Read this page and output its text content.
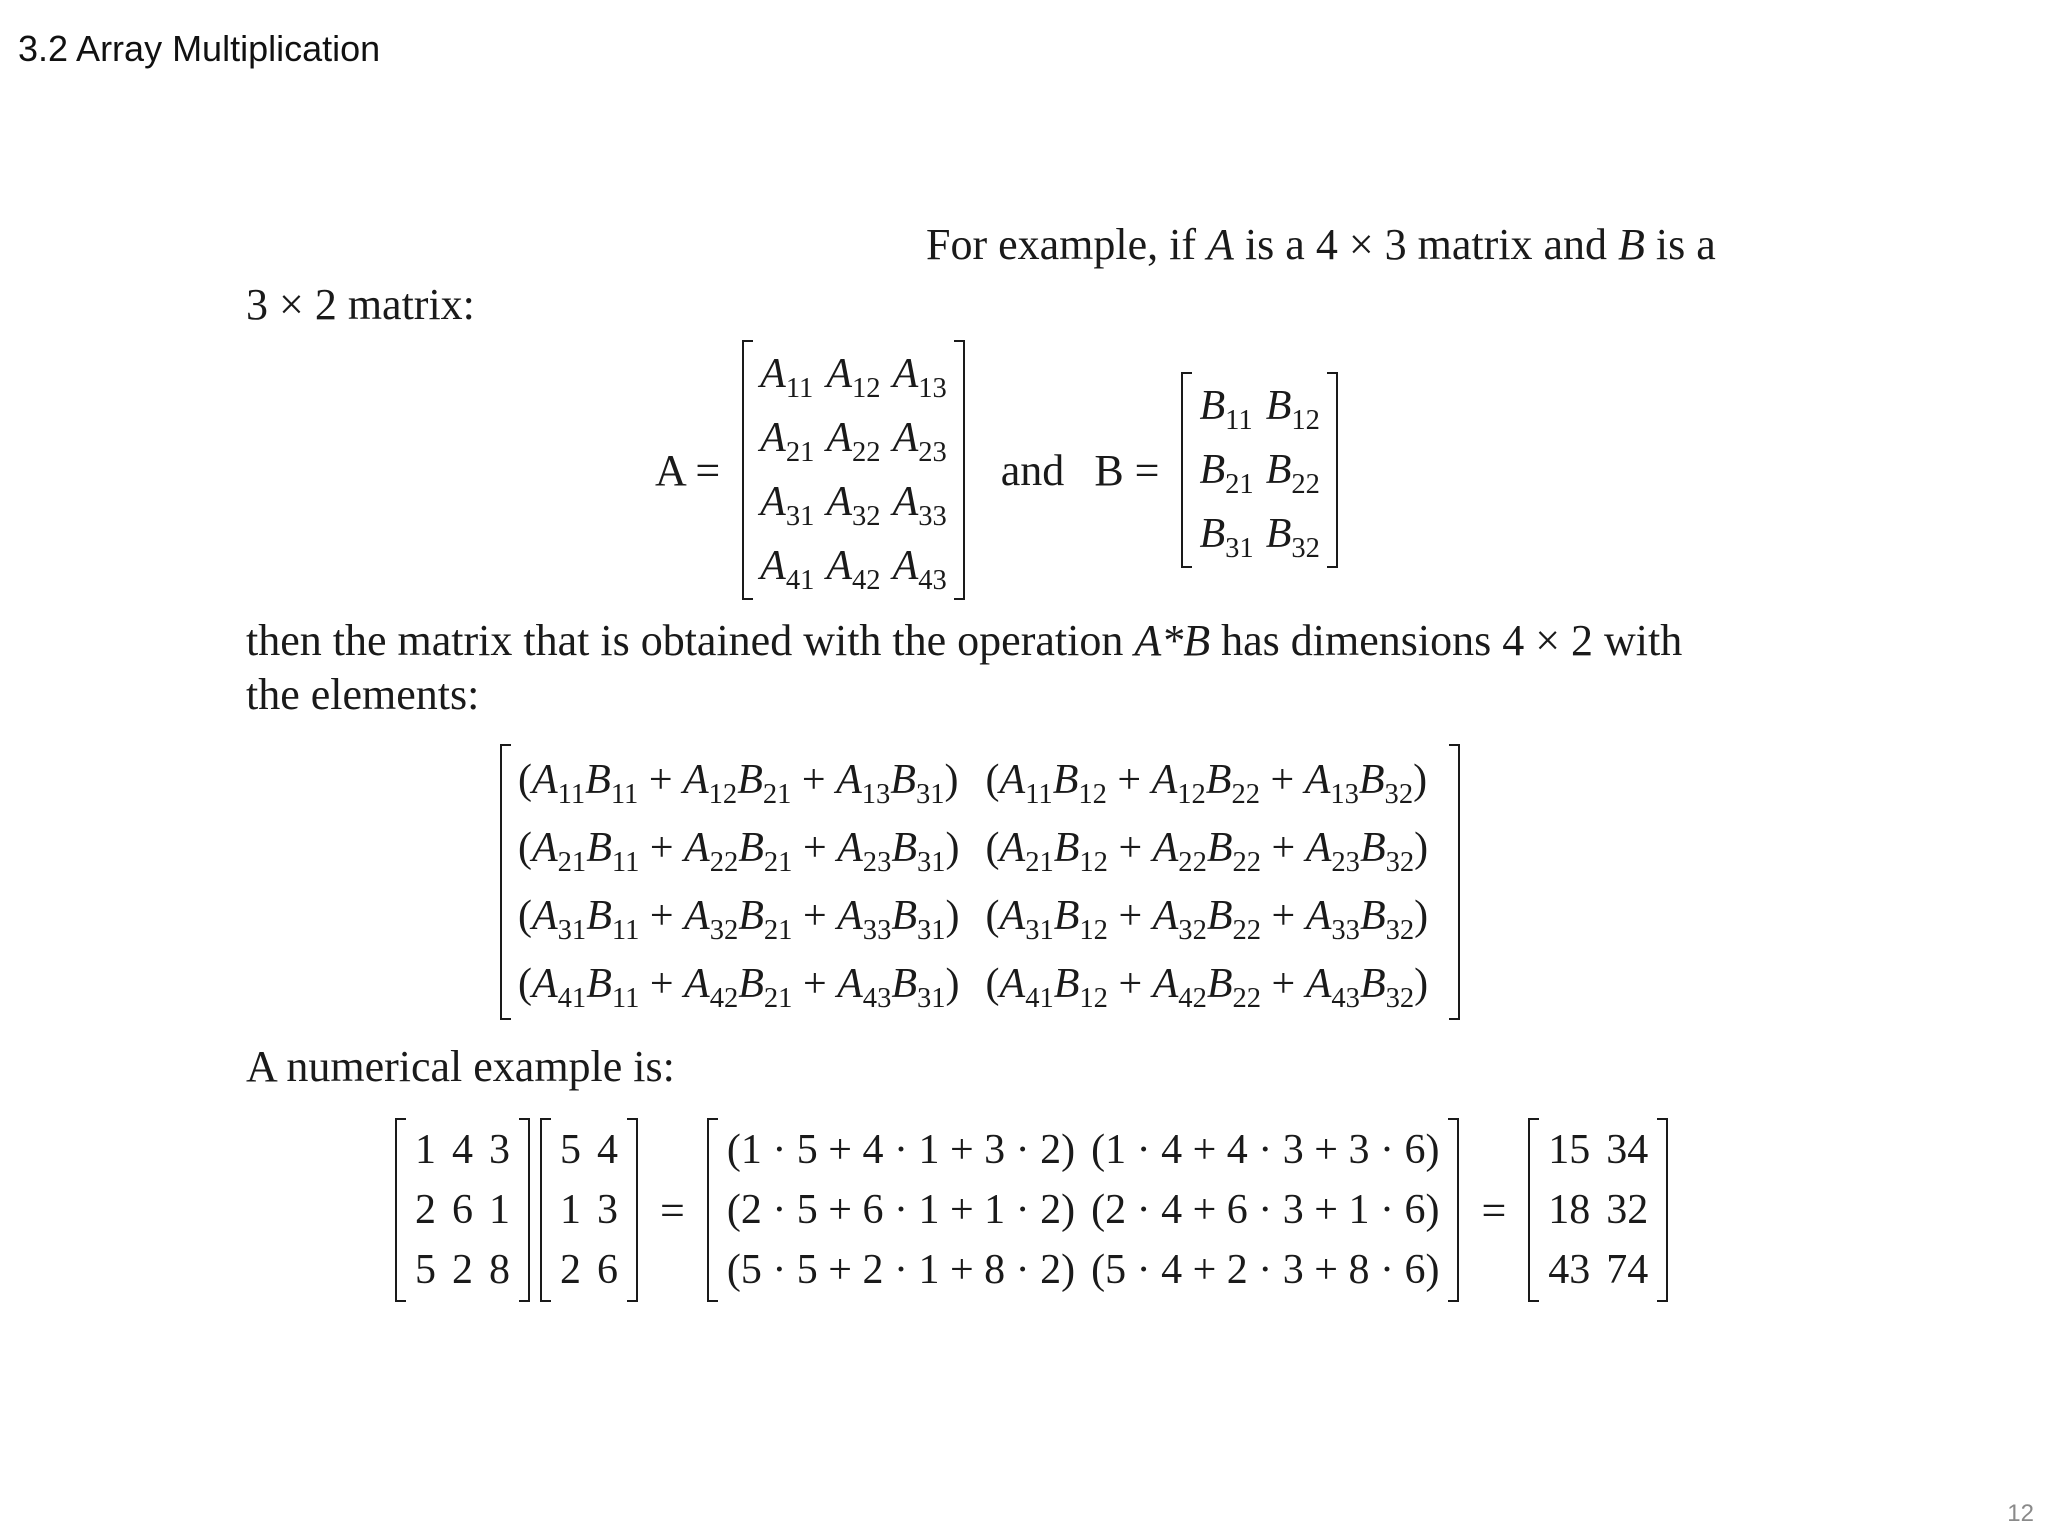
3.2 Array Multiplication
For example, if A is a 4 × 3 matrix and B is a
3 × 2 matrix:
A =
$A_{11}$	$A_{12}$	$A_{13}$
$A_{21}$	$A_{22}$	$A_{23}$
$A_{31}$	$A_{32}$	$A_{33}$
$A_{41}$	$A_{42}$	$A_{43}$
and B =
$B_{11}$	$B_{12}$
$B_{21}$	$B_{22}$
$B_{31}$	$B_{32}$
then the matrix that is obtained with the operation A*B has dimensions 4 × 2 with
the elements:
$(A_{11}B_{11} + A_{12}B_{21} + A_{13}B_{31})$	$(A_{11}B_{12} + A_{12}B_{22} + A_{13}B_{32})$
$(A_{21}B_{11} + A_{22}B_{21} + A_{23}B_{31})$	$(A_{21}B_{12} + A_{22}B_{22} + A_{23}B_{32})$
$(A_{31}B_{11} + A_{32}B_{21} + A_{33}B_{31})$	$(A_{31}B_{12} + A_{32}B_{22} + A_{33}B_{32})$
$(A_{41}B_{11} + A_{42}B_{21} + A_{43}B_{31})$	$(A_{41}B_{12} + A_{42}B_{22} + A_{43}B_{32})$
A numerical example is:
1	4	3
2	6	1
5	2	8
5	4
1	3
2	6
=
(1 · 5 + 4 · 1 + 3 · 2)	(1 · 4 + 4 · 3 + 3 · 6)
(2 · 5 + 6 · 1 + 1 · 2)	(2 · 4 + 6 · 3 + 1 · 6)
(5 · 5 + 2 · 1 + 8 · 2)	(5 · 4 + 2 · 3 + 8 · 6)
=
15	34
18	32
43	74
12
